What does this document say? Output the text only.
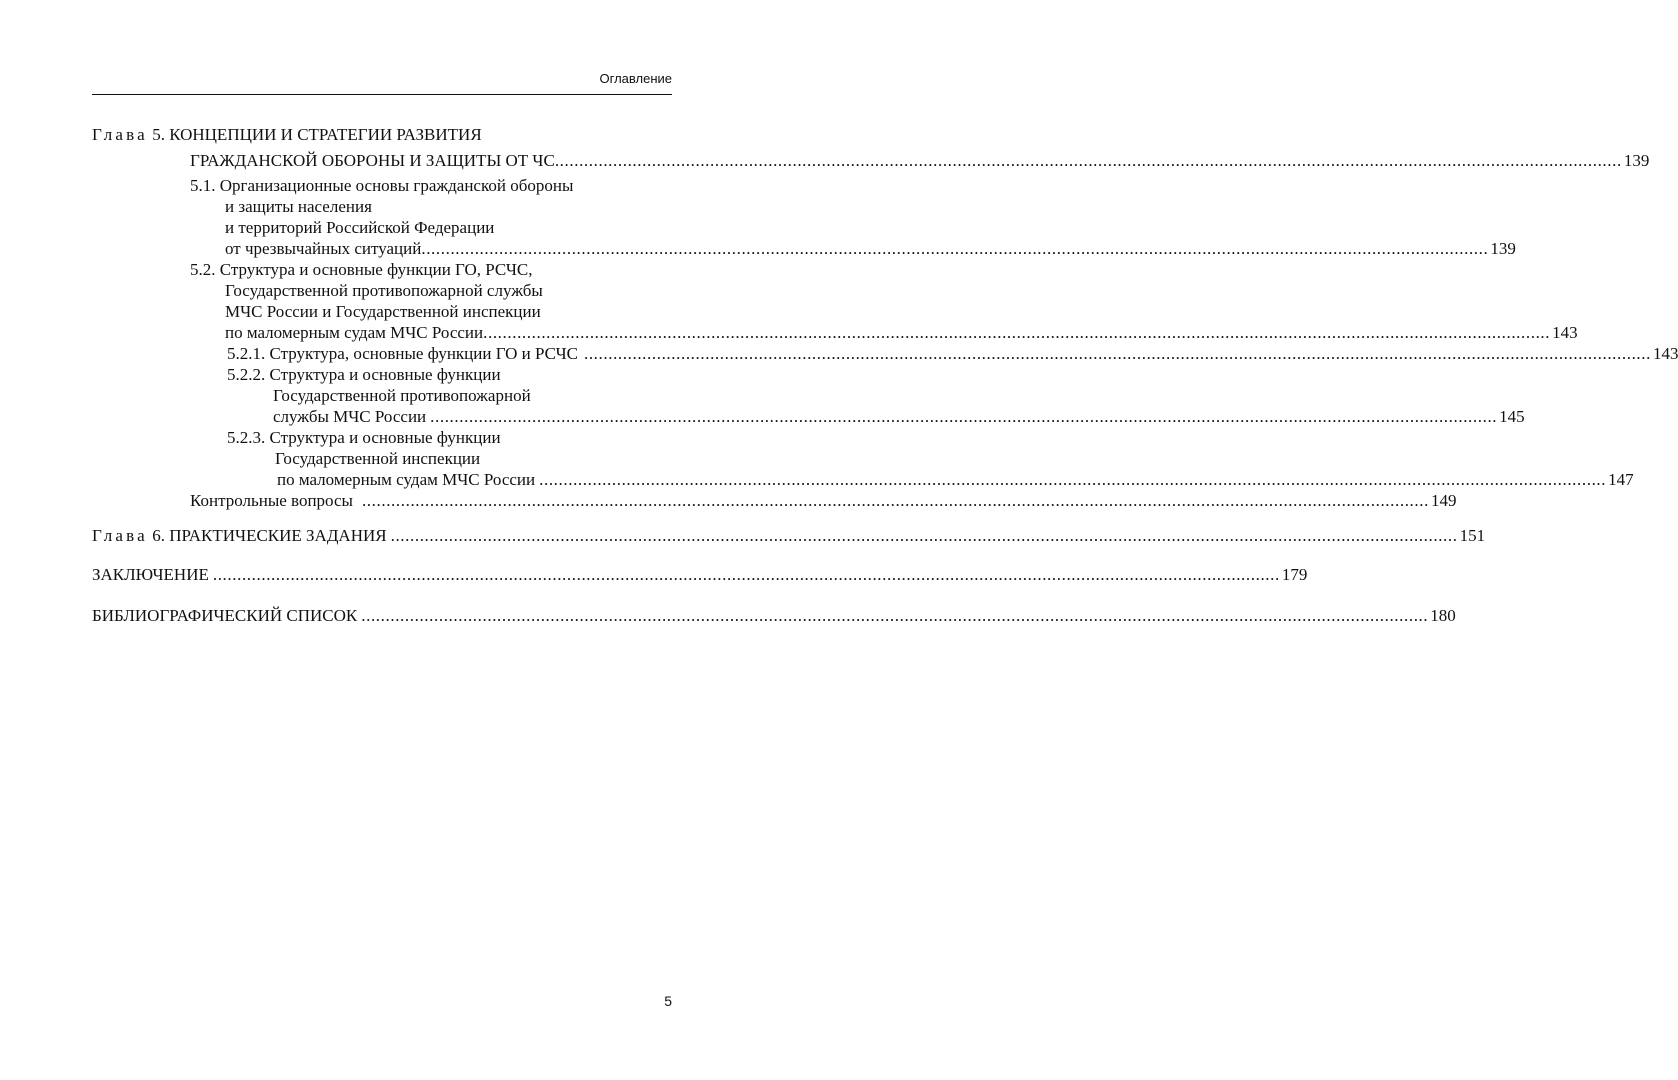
Оглавление
Глава 5. КОНЦЕПЦИИ И СТРАТЕГИИ РАЗВИТИЯ
ГРАЖДАНСКОЙ ОБОРОНЫ И ЗАЩИТЫ ОТ ЧС ............................................................................................................................................................................................................................ 139
5.1. Организационные основы гражданской обороны
и защиты населения
и территорий Российской Федерации
от чрезвычайных ситуаций ............................................................................................................................................................................................................................ 139
5.2. Структура и основные функции ГО, РСЧС,
Государственной противопожарной службы
МЧС России и Государственной инспекции
по маломерным судам МЧС России ............................................................................................................................................................................................................................ 143
5.2.1. Структура, основные функции ГО и РСЧС ............................................................................................................................................................................................................................ 143
5.2.2. Структура и основные функции
Государственной противопожарной
службы МЧС России ............................................................................................................................................................................................................................ 145
5.2.3. Структура и основные функции
Государственной инспекции
по маломерным судам МЧС России ............................................................................................................................................................................................................................ 147
Контрольные вопросы ............................................................................................................................................................................................................................ 149
Глава 6. ПРАКТИЧЕСКИЕ ЗАДАНИЯ ............................................................................................................................................................................................................................ 151
ЗАКЛЮЧЕНИЕ ............................................................................................................................................................................................................................ 179
БИБЛИОГРАФИЧЕСКИЙ СПИСОК ............................................................................................................................................................................................................................ 180
5
